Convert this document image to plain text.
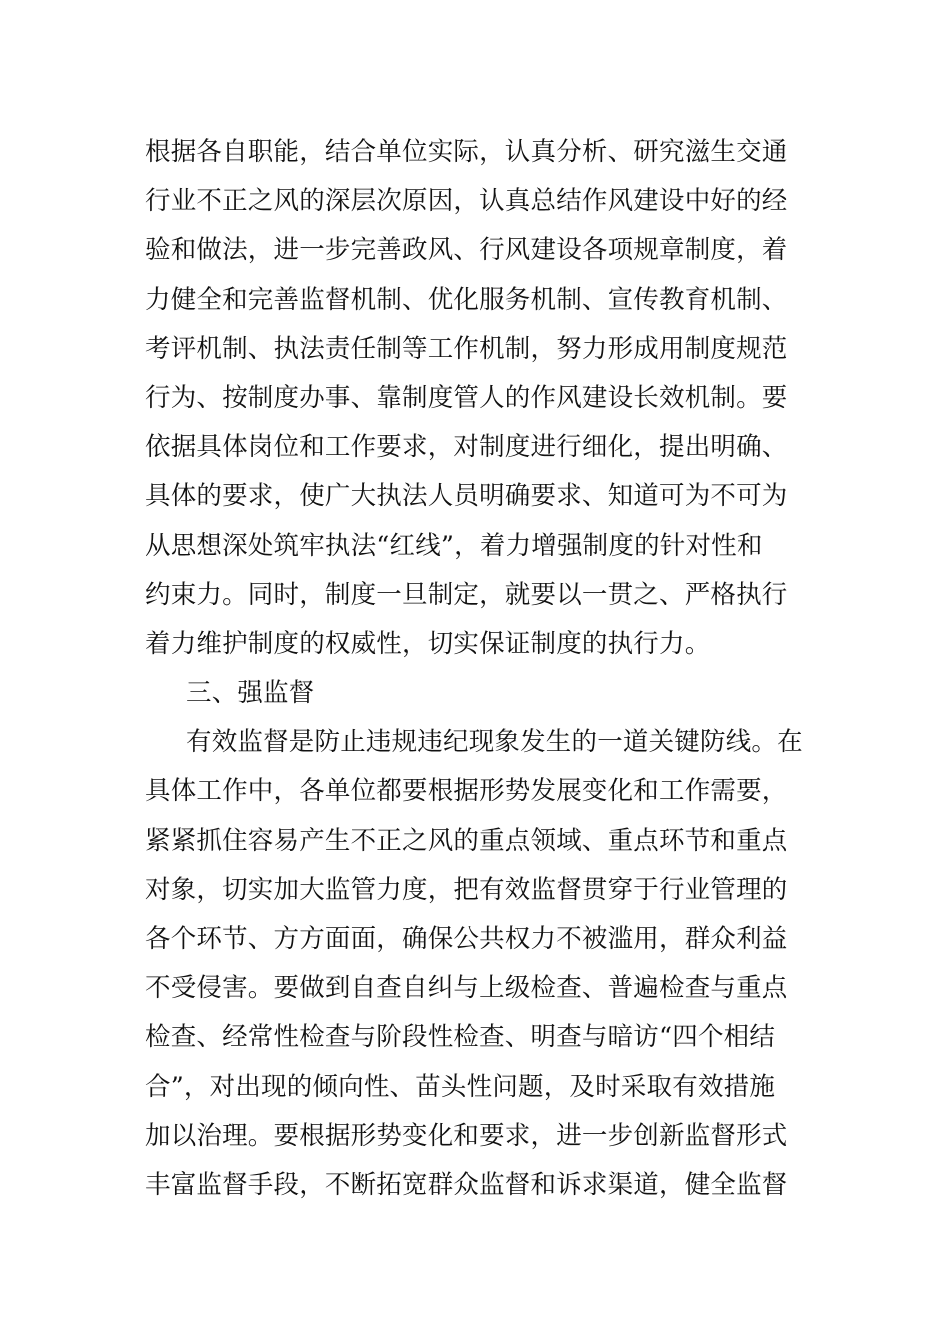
根据各自职能，结合单位实际，认真分析、研究滋生交通
行业不正之风的深层次原因，认真总结作风建设中好的经
验和做法，进一步完善政风、行风建设各项规章制度，着
力健全和完善监督机制、优化服务机制、宣传教育机制、
考评机制、执法责任制等工作机制，努力形成用制度规范
行为、按制度办事、靠制度管人的作风建设长效机制。要
依据具体岗位和工作要求，对制度进行细化，提出明确、
具体的要求，使广大执法人员明确要求、知道可为不可为
从思想深处筑牢执法“红线”，着力增强制度的针对性和
约束力。同时，制度一旦制定，就要以一贯之、严格执行
着力维护制度的权威性，切实保证制度的执行力。
三、强监督
有效监督是防止违规违纪现象发生的一道关键防线。在
具体工作中，各单位都要根据形势发展变化和工作需要，
紧紧抓住容易产生不正之风的重点领域、重点环节和重点
对象，切实加大监管力度，把有效监督贯穿于行业管理的
各个环节、方方面面，确保公共权力不被滥用，群众利益
不受侵害。要做到自查自纠与上级检查、普遍检查与重点
检查、经常性检查与阶段性检查、明查与暗访“四个相结
合”，对出现的倾向性、苗头性问题，及时采取有效措施
加以治理。要根据形势变化和要求，进一步创新监督形式
丰富监督手段，不断拓宽群众监督和诉求渠道，健全监督
